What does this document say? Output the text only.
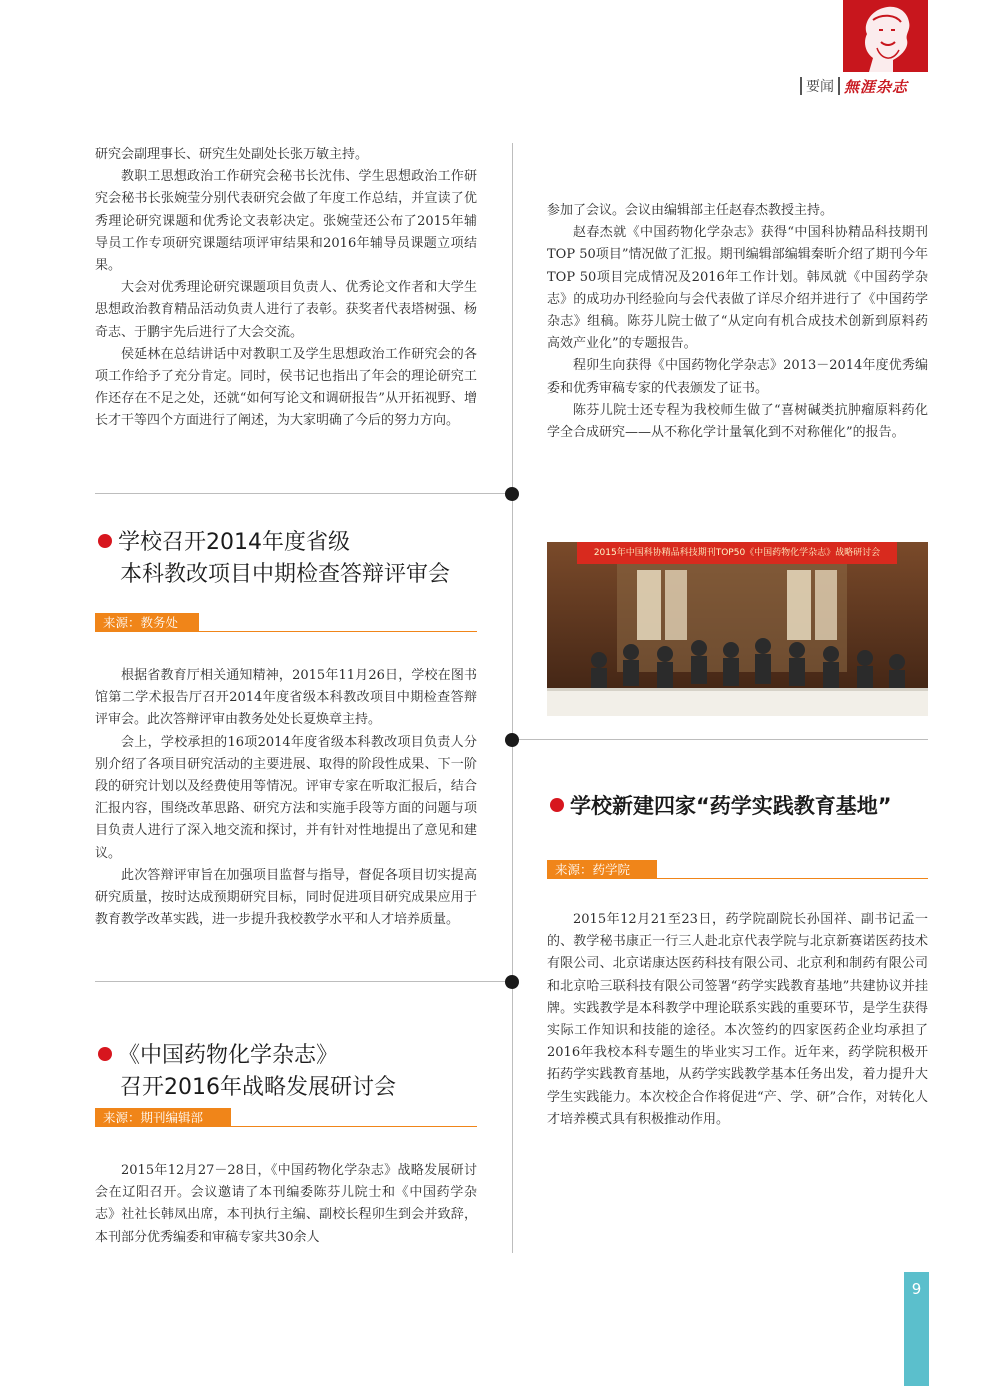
要闻 無涯杂志

研究会副理事长、研究生处副处长张万敏主持。

教职工思想政治工作研究会秘书长沈伟、学生思想政治工作研究会秘书长张婉莹分别代表研究会做了年度工作总结，并宣读了优秀理论研究课题和优秀论文表彰决定。张婉莹还公布了2015年辅导员工作专项研究课题结项评审结果和2016年辅导员课题立项结果。

大会对优秀理论研究课题项目负责人、优秀论文作者和大学生思想政治教育精品活动负责人进行了表彰。获奖者代表塔树强、杨奇志、于鹏宇先后进行了大会交流。

侯延林在总结讲话中对教职工及学生思想政治工作研究会的各项工作给予了充分肯定。同时，侯书记也指出了年会的理论研究工作还存在不足之处，还就“如何写论文和调研报告”从开拓视野、增长才干等四个方面进行了阐述，为大家明确了今后的努力方向。

参加了会议。会议由编辑部主任赵春杰教授主持。

赵春杰就《中国药物化学杂志》获得“中国科协精品科技期刊 TOP 50项目”情况做了汇报。期刊编辑部编辑秦昕介绍了期刊今年TOP 50项目完成情况及2016年工作计划。韩凤就《中国药学杂志》的成功办刊经验向与会代表做了详尽介绍并进行了《中国药学杂志》组稿。陈芬儿院士做了“从定向有机合成技术创新到原料药高效产业化”的专题报告。

程卯生向获得《中国药物化学杂志》2013－2014年度优秀编委和优秀审稿专家的代表颁发了证书。

陈芬儿院士还专程为我校师生做了“喜树碱类抗肿瘤原料药化学全合成研究——从不称化学计量氧化到不对称催化”的报告。

学校召开2014年度省级
本科教改项目中期检查答辩评审会
来源：教务处

根据省教育厅相关通知精神，2015年11月26日，学校在图书馆第二学术报告厅召开2014年度省级本科教改项目中期检查答辩评审会。此次答辩评审由教务处处长夏焕章主持。

会上，学校承担的16项2014年度省级本科教改项目负责人分别介绍了各项目研究活动的主要进展、取得的阶段性成果、下一阶段的研究计划以及经费使用等情况。评审专家在听取汇报后，结合汇报内容，围绕改革思路、研究方法和实施手段等方面的问题与项目负责人进行了深入地交流和探讨，并有针对性地提出了意见和建议。

此次答辩评审旨在加强项目监督与指导，督促各项目切实提高研究质量，按时达成预期研究目标，同时促进项目研究成果应用于教育教学改革实践，进一步提升我校教学水平和人才培养质量。

2015年中国科协精品科技期刊TOP50《中国药物化学杂志》战略研讨会
学校新建四家“药学实践教育基地”
来源：药学院

2015年12月21至23日，药学院副院长孙国祥、副书记孟一的、教学秘书康正一行三人赴北京代表学院与北京新赛诺医药技术有限公司、北京诺康达医药科技有限公司、北京利和制药有限公司和北京哈三联科技有限公司签署“药学实践教育基地”共建协议并挂牌。实践教学是本科教学中理论联系实践的重要环节，是学生获得实际工作知识和技能的途径。本次签约的四家医药企业均承担了2016年我校本科专题生的毕业实习工作。近年来，药学院积极开拓药学实践教育基地，从药学实践教学基本任务出发，着力提升大学生实践能力。本次校企合作将促进“产、学、研”合作，对转化人才培养模式具有积极推动作用。

《中国药物化学杂志》
召开2016年战略发展研讨会
来源：期刊编辑部

2015年12月27－28日，《中国药物化学杂志》战略发展研讨会在辽阳召开。会议邀请了本刊编委陈芬儿院士和《中国药学杂志》社社长韩凤出席，本刊执行主编、副校长程卯生到会并致辞，本刊部分优秀编委和审稿专家共30余人

9
